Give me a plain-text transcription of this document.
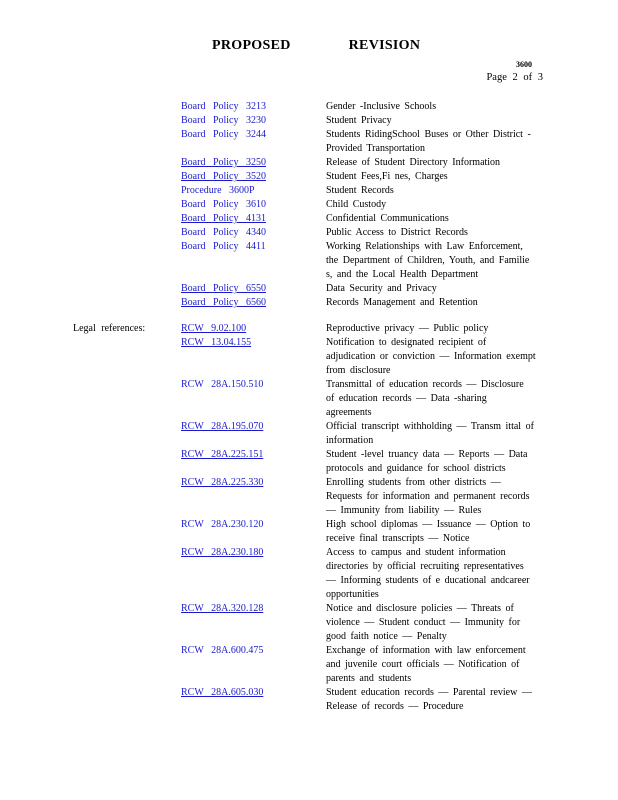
PROPOSED	REVISION
3600
Page 2 of 3
Board Policy 3213	Gender -Inclusive Schools
Board Policy 3230	Student Privacy
Board Policy 3244	Students RidingSchool Buses or Other District -Provided Transportation
Board Policy 3250	Release of Student Directory Information
Board Policy 3520	Student Fees,Fi nes, Charges
Procedure 3600P	Student Records
Board Policy 3610	Child Custody
Board Policy 4131	Confidential Communications
Board Policy 4340	Public Access to District Records
Board Policy 4411	Working Relationships with Law Enforcement, the Department of Children, Youth, and Familie s, and the Local Health Department
Board Policy 6550	Data Security and Privacy
Board Policy 6560	Records Management and Retention
Legal references:	RCW 9.02.100	Reproductive privacy — Public policy
RCW 13.04.155	Notification to designated recipient of adjudication or conviction — Information exempt from disclosure
RCW 28A.150.510	Transmittal of education records — Disclosure of education records — Data -sharing agreements
RCW 28A.195.070	Official transcript withholding — Transm ittal of information
RCW 28A.225.151	Student -level truancy data — Reports — Data protocols and guidance for school districts
RCW 28A.225.330	Enrolling students from other districts — Requests for information and permanent records — Immunity from liability — Rules
RCW 28A.230.120	High school diplomas — Issuance — Option to receive final transcripts — Notice
RCW 28A.230.180	Access to campus and student information directories by official recruiting representatives — Informing students of e ducational andcareer opportunities
RCW 28A.320.128	Notice and disclosure policies — Threats of violence — Student conduct — Immunity for good faith notice — Penalty
RCW 28A.600.475	Exchange of information with law enforcement and juvenile court officials — Notification of parents and students
RCW 28A.605.030	Student education records — Parental review — Release of records — Procedure
